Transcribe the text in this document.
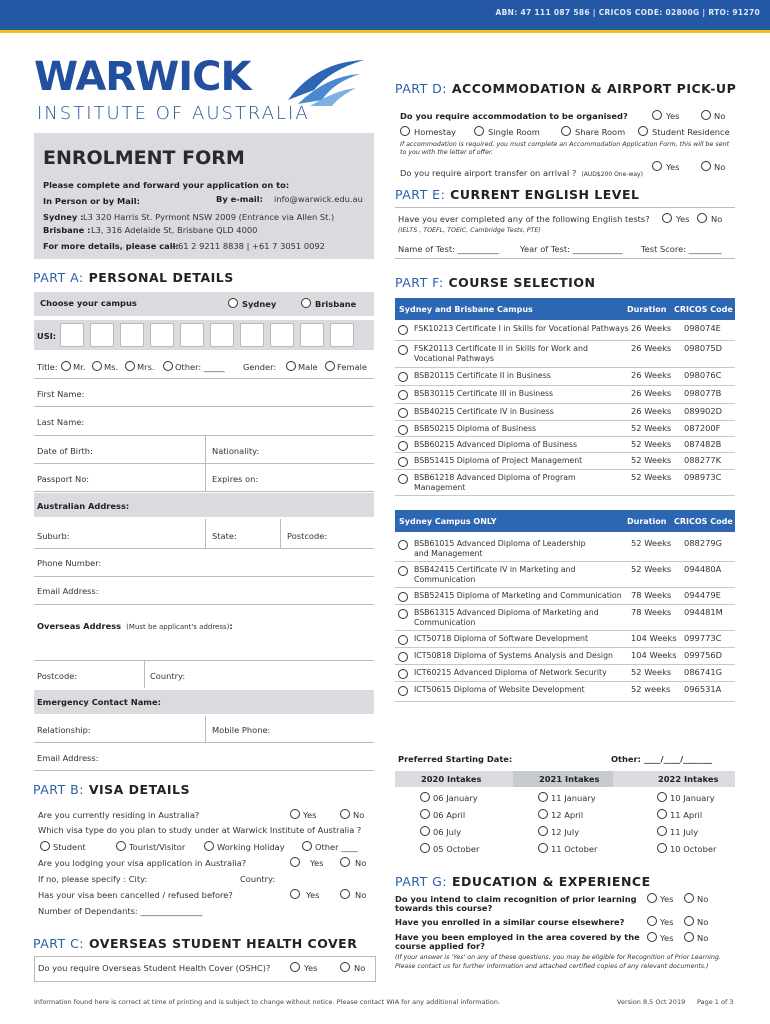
ABN: 47 111 087 586 | CRICOS CODE: 02800G | RTO: 91270
WARWICK
INSTITUTE OF AUSTRALIA
ENROLMENT FORM
Please complete and forward your application on to:
In Person or by Mail:	By e-mail: info@warwick.edu.au
Sydney : L3 320 Harris St. Pyrmont NSW 2009 (Entrance via Allen St.)
Brisbane : L3, 316 Adelaide St, Brisbane QLD 4000
For more details, please call:
+61 2 9211 8838 | +61 7 3051 0092
PART A: PERSONAL DETAILS
Choose your campus	Sydney	Brisbane
USI:
Title: Mr. Ms. Mrs. Other: _____ Gender:	Male Female
First Name:
Last Name:
Date of Birth:	Nationality:
Passport No:	Expires on:
Australian Address:
Suburb:	State:	Postcode:
Phone Number:
Email Address:
Overseas Address (Must be applicant's address):
Postcode:	Country:
Emergency Contact Name:
Relationship:	Mobile Phone:
Email Address:
PART B: VISA DETAILS
Are you currently residing in Australia?	Yes	No
Which visa type do you plan to study under at Warwick Institute of Australia ?
Student	Tourist/Visitor	Working Holiday	Other ____
Are you lodging your visa application in Australia?	Yes	No
If no, please specify : City:	Country:
Has your visa been cancelled / refused before?	Yes	No
Number of Dependants: _______________
PART C: OVERSEAS STUDENT HEALTH COVER
Do you require Overseas Student Health Cover (OSHC)?	Yes	No
PART D: ACCOMMODATION & AIRPORT PICK-UP
Do you require accommodation to be organised?	Yes	No
Homestay	Single Room	Share Room	Student Residence
If accommodation is required, you must complete an Accommodation Application Form, this will be sent to you with the letter of offer.
Do you require airport transfer on arrival ? (AUD$200 One-way)
Yes	No
PART E: CURRENT ENGLISH LEVEL
Have you ever completed any of the following English tests?	Yes	No
(IELTS , TOEFL, TOEIC, Cambridge Tests, PTE)
Name of Test: __________	Year of Test: ____________ Test Score: ________
PART F: COURSE SELECTION
Sydney and Brisbane Campus	Duration CRICOS Code
FSK10213 Certificate I in Skills for Vocational Pathways 26 Weeks 098074E
FSK20113 Certificate II in Skills for Work and
Vocational Pathways
26 Weeks 098075D
BSB20115 Certificate II in Business	26 Weeks 098076C
BSB30115 Certificate III in Business	26 Weeks 098077B
BSB40215 Certificate IV in Business	26 Weeks 089902D
BSB50215 Diploma of Business	52 Weeks 087200F
BSB60215 Advanced Diploma of Business	52 Weeks 087482B
BSB51415 Diploma of Project Management	52 Weeks 088277K
BSB61218 Advanced Diploma of Program
Management
52 Weeks 098973C
Sydney Campus ONLY	Duration CRICOS Code
BSB61015 Advanced Diploma of Leadership
and Management
52 Weeks 088279G
BSB42415 Certificate IV in Marketing and
Communication
52 Weeks 094480A
BSB52415 Diploma of Marketing and Communication 78 Weeks 094479E
BSB61315 Advanced Diploma of Marketing and
Communication
78 Weeks 094481M
ICT50718 Diploma of Software Development	104 Weeks 099773C
ICT50818 Diploma of Systems Analysis and Design 104 Weeks 099756D
ICT60215 Advanced Diploma of Network Security	52 Weeks 086741G
ICT50615 Diploma of Website Development	52 weeks 096531A
Preferred Starting Date:	Other: ____/____/_______
2020 Intakes
06 January
06 April
06 July
05 October
2021 Intakes
11 January
12 April
12 July
11 October
2022 Intakes
10 January
11 April
11 July
10 October
PART G: EDUCATION & EXPERIENCE
Do you intend to claim recognition of prior learning
towards this course?
Yes	No
Have you enrolled in a similar course elsewhere?	Yes	No
Have you been employed in the area covered by the
course applied for?
Yes	No
(If your answer is 'Yes' on any of these questions, you may be eligible for Recognition of Prior Learning.
Please contact us for further information and attached certified copies of any relevant documents.)
Information found here is correct at time of printing and is subject to change without notice. Please contact WIA for any additional information.	Version 8.5 Oct 2019 Page 1 of 3
